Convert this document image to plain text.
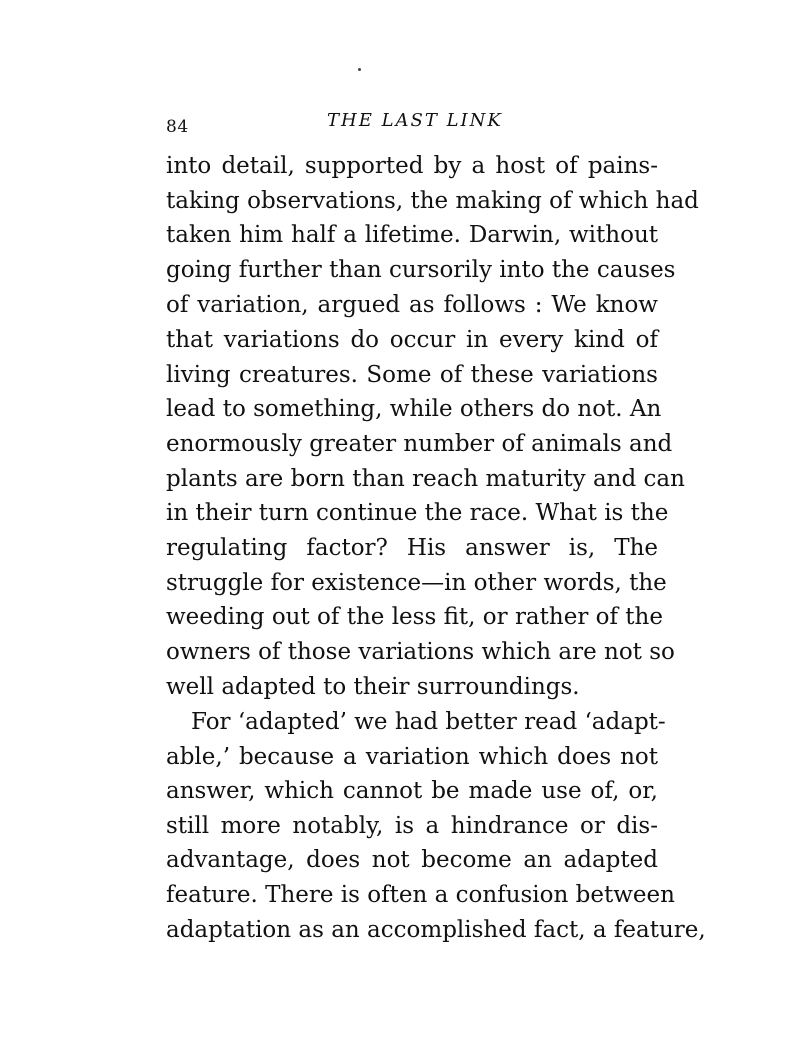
84	THE LAST LINK
into detail, supported by a host of pains-
taking observations, the making of which had
taken him half a lifetime. Darwin, without
going further than cursorily into the causes
of variation, argued as follows : We know
that variations do occur in every kind of
living creatures. Some of these variations
lead to something, while others do not. An
enormously greater number of animals and
plants are born than reach maturity and can
in their turn continue the race. What is the
regulating factor? His answer is, The
struggle for existence—in other words, the
weeding out of the less fit, or rather of the
owners of those variations which are not so
well adapted to their surroundings.
For ‘adapted’ we had better read ‘adapt-
able,’ because a variation which does not
answer, which cannot be made use of, or,
still more notably, is a hindrance or dis-
advantage, does not become an adapted
feature. There is often a confusion between
adaptation as an accomplished fact, a feature,
